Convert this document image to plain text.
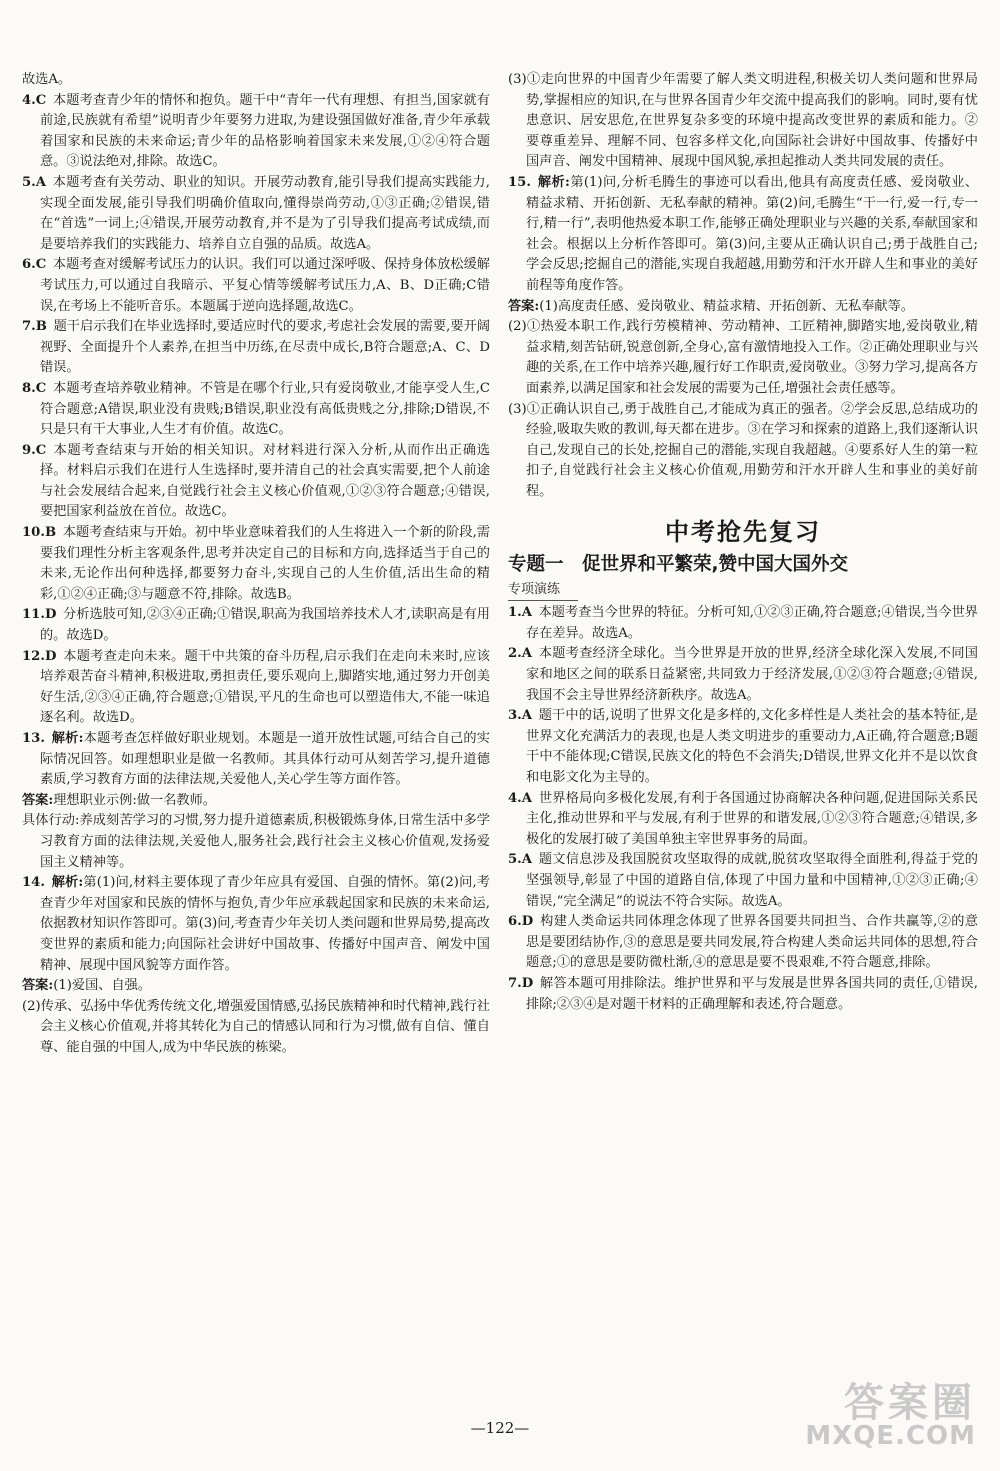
故选A。

4.C  本题考查青少年的情怀和抱负。题干中“青年一代有理想、有担当,国家就有前途,民族就有希望”说明青少年要努力进取,为建设强国做好准备,青少年承载着国家和民族的未来命运;青少年的品格影响着国家未来发展,①②④符合题意。③说法绝对,排除。故选C。

5.A  本题考查有关劳动、职业的知识。开展劳动教育,能引导我们提高实践能力,实现全面发展,能引导我们明确价值取向,懂得崇尚劳动,①③正确;②错误,错在“首选”一词上;④错误,开展劳动教育,并不是为了引导我们提高考试成绩,而是要培养我们的实践能力、培养自立自强的品质。故选A。

6.C  本题考查对缓解考试压力的认识。我们可以通过深呼吸、保持身体放松缓解考试压力,可以通过自我暗示、平复心情等缓解考试压力,A、B、D正确;C错误,在考场上不能听音乐。本题属于逆向选择题,故选C。

7.B  题干启示我们在毕业选择时,要适应时代的要求,考虑社会发展的需要,要开阔视野、全面提升个人素养,在担当中历练,在尽责中成长,B符合题意;A、C、D错误。

8.C  本题考查培养敬业精神。不管是在哪个行业,只有爱岗敬业,才能享受人生,C符合题意;A错误,职业没有贵贱;B错误,职业没有高低贵贱之分,排除;D错误,不只是只有干大事业,人生才有价值。故选C。

9.C  本题考查结束与开始的相关知识。对材料进行深入分析,从而作出正确选择。材料启示我们在进行人生选择时,要并清自己的社会真实需要,把个人前途与社会发展结合起来,自觉践行社会主义核心价值观,①②③符合题意;④错误,要把国家利益放在首位。故选C。

10.B  本题考查结束与开始。初中毕业意味着我们的人生将进入一个新的阶段,需要我们理性分析主客观条件,思考并决定自己的目标和方向,选择适当于自己的未来,无论作出何种选择,都要努力奋斗,实现自己的人生价值,活出生命的精彩,①②④正确;③与题意不符,排除。故选B。

11.D  分析选肢可知,②③④正确;①错误,职高为我国培养技术人才,读职高是有用的。故选D。

12.D  本题考查走向未来。题干中共策的奋斗历程,启示我们在走向未来时,应该培养艰苦奋斗精神,积极进取,勇担责任,要乐观向上,脚踏实地,通过努力开创美好生活,②③④正确,符合题意;①错误,平凡的生命也可以塑造伟大,不能一味追逐名利。故选D。

13.  解析:本题考查怎样做好职业规划。本题是一道开放性试题,可结合自己的实际情况回答。如理想职业是做一名教师。其具体行动可从刻苦学习,提升道德素质,学习教育方面的法律法规,关爱他人,关心学生等方面作答。

答案:理想职业示例:做一名教师。

具体行动:养成刻苦学习的习惯,努力提升道德素质,积极锻炼身体,日常生活中多学习教育方面的法律法规,关爱他人,服务社会,践行社会主义核心价值观,发扬爱国主义精神等。

14.  解析:第(1)问,材料主要体现了青少年应具有爱国、自强的情怀。第(2)问,考查青少年对国家和民族的情怀与抱负,青少年应承载起国家和民族的未来命运,依据教材知识作答即可。第(3)问,考查青少年关切人类问题和世界局势,提高改变世界的素质和能力;向国际社会讲好中国故事、传播好中国声音、阐发中国精神、展现中国风貌等方面作答。

答案:(1)爱国、自强。

(2)传承、弘扬中华优秀传统文化,增强爱国情感,弘扬民族精神和时代精神,践行社会主义核心价值观,并将其转化为自己的情感认同和行为习惯,做有自信、懂自尊、能自强的中国人,成为中华民族的栋梁。

(3)①走向世界的中国青少年需要了解人类文明进程,积极关切人类问题和世界局势,掌握相应的知识,在与世界各国青少年交流中提高我们的影响。同时,要有忧患意识、居安思危,在世界复杂多变的环境中提高改变世界的素质和能力。②要尊重差异、理解不同、包容多样文化,向国际社会讲好中国故事、传播好中国声音、阐发中国精神、展现中国风貌,承担起推动人类共同发展的责任。

15.  解析:第(1)问,分析毛腾生的事迹可以看出,他具有高度责任感、爱岗敬业、精益求精、开拓创新、无私奉献的精神。第(2)问,毛腾生“干一行,爱一行,专一行,精一行”,表明他热爱本职工作,能够正确处理职业与兴趣的关系,奉献国家和社会。根据以上分析作答即可。第(3)问,主要从正确认识自己;勇于战胜自己;学会反思;挖掘自己的潜能,实现自我超越,用勤劳和汗水开辟人生和事业的美好前程等角度作答。

答案:(1)高度责任感、爱岗敬业、精益求精、开拓创新、无私奉献等。

(2)①热爱本职工作,践行劳模精神、劳动精神、工匠精神,脚踏实地,爱岗敬业,精益求精,刻苦钻研,锐意创新,全身心,富有激情地投入工作。②正确处理职业与兴趣的关系,在工作中培养兴趣,履行好工作职责,爱岗敬业。③努力学习,提高各方面素养,以满足国家和社会发展的需要为己任,增强社会责任感等。

(3)①正确认识自己,勇于战胜自己,才能成为真正的强者。②学会反思,总结成功的经验,吸取失败的教训,每天都在进步。③在学习和探索的道路上,我们逐渐认识自己,发现自己的长处,挖掘自己的潜能,实现自我超越。④要系好人生的第一粒扣子,自觉践行社会主义核心价值观,用勤劳和汗水开辟人生和事业的美好前程。

中考抢先复习
专题一　促世界和平繁荣,赞中国大国外交
专项演练

1.A  本题考查当今世界的特征。分析可知,①②③正确,符合题意;④错误,当今世界存在差异。故选A。

2.A  本题考查经济全球化。当今世界是开放的世界,经济全球化深入发展,不同国家和地区之间的联系日益紧密,共同致力于经济发展,①②③符合题意;④错误,我国不会主导世界经济新秩序。故选A。

3.A  题干中的话,说明了世界文化是多样的,文化多样性是人类社会的基本特征,是世界文化充满活力的表现,也是人类文明进步的重要动力,A正确,符合题意;B题干中不能体现;C错误,民族文化的特色不会消失;D错误,世界文化并不是以饮食和电影文化为主导的。

4.A  世界格局向多极化发展,有利于各国通过协商解决各种问题,促进国际关系民主化,推动世界和平与发展,有利于世界的和谐发展,①②③符合题意;④错误,多极化的发展打破了美国单独主宰世界事务的局面。

5.A  题文信息涉及我国脱贫攻坚取得的成就,脱贫攻坚取得全面胜利,得益于党的坚强领导,彰显了中国的道路自信,体现了中国力量和中国精神,①②③正确;④错误,“完全满足”的说法不符合实际。故选A。

6.D  构建人类命运共同体理念体现了世界各国要共同担当、合作共赢等,②的意思是要团结协作,③的意思是要共同发展,符合构建人类命运共同体的思想,符合题意;①的意思是要防微杜渐,④的意思是要不畏艰难,不符合题意,排除。

7.D  解答本题可用排除法。维护世界和平与发展是世界各国共同的责任,①错误,排除;②③④是对题干材料的正确理解和表述,符合题意。

—122—
答案圈
MXQE.COM
